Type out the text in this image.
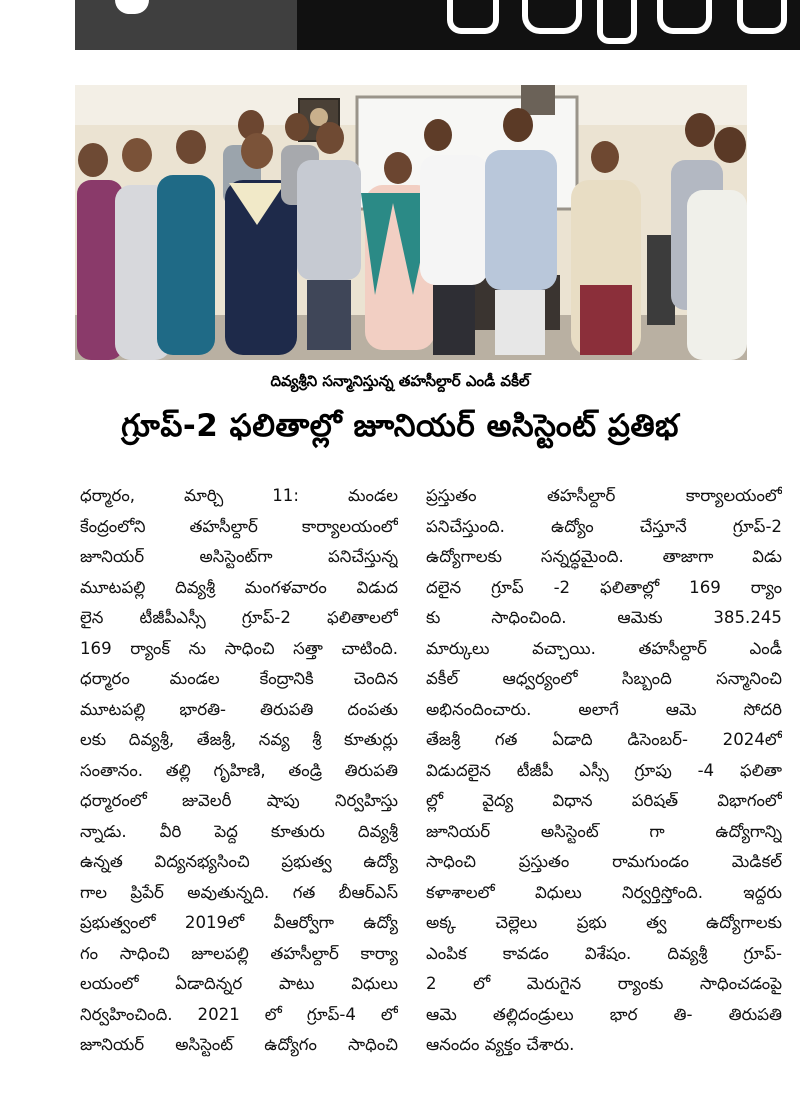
దివ్యశ్రీని సన్మానిస్తున్న తహసీల్దార్ ఎండీ వకీల్
గ్రూప్-2 ఫలితాల్లో జూనియర్ అసిస్టెంట్ ప్రతిభ
ధర్మారం, మార్చి 11: మండల
కేంద్రంలోని తహసీల్దార్ కార్యాలయంలో
జూనియర్ అసిస్టెంట్‌గా పనిచేస్తున్న
మూటపల్లి దివ్యశ్రీ మంగళవారం విడుద
లైన టీజీపీఎస్సీ గ్రూప్-2 ఫలితాలలో
169 ర్యాంక్ ను సాధించి సత్తా చాటింది.
ధర్మారం మండల కేంద్రానికి చెందిన
మూటపల్లి భారతి- తిరుపతి దంపతు
లకు దివ్యశ్రీ, తేజశ్రీ, నవ్య శ్రీ కూతుర్లు
సంతానం. తల్లి గృహిణి, తండ్రి తిరుపతి
ధర్మారంలో జువెలరీ షాపు నిర్వహిస్తు
న్నాడు. వీరి పెద్ద కూతురు దివ్యశ్రీ
ఉన్నత విద్యనభ్యసించి ప్రభుత్వ ఉద్యో
గాల ప్రిపేర్ అవుతున్నది. గత బీఆర్ఎస్
ప్రభుత్వంలో 2019లో వీఆర్వోగా ఉద్యో
గం సాధించి జూలపల్లి తహసీల్దార్ కార్యా
లయంలో ఏడాదిన్నర పాటు విధులు
నిర్వహించింది. 2021 లో గ్రూప్-4 లో
జూనియర్ అసిస్టెంట్ ఉద్యోగం సాధించి
ప్రస్తుతం తహసీల్దార్ కార్యాలయంలో
పనిచేస్తుంది. ఉద్యోం చేస్తూనే గ్రూప్-2
ఉద్యోగాలకు సన్నద్ధమైంది. తాజాగా విడు
దలైన గ్రూప్ -2 ఫలితాల్లో 169 ర్యాం
కు సాధించింది. ఆమెకు 385.245
మార్కులు వచ్చాయి. తహసీల్దార్ ఎండీ
వకీల్ ఆధ్వర్యంలో సిబ్బంది సన్మానించి
అభినందించారు. అలాగే ఆమె సోదరి
తేజశ్రీ గత ఏడాది డిసెంబర్- 2024లో
విడుదలైన టీజీపీ ఎస్సీ గ్రూపు -4 ఫలితా
ల్లో వైద్య విధాన పరిషత్ విభాగంలో
జూనియర్ అసిస్టెంట్ గా ఉద్యోగాన్ని
సాధించి ప్రస్తుతం రామగుండం మెడికల్
కళాశాలలో విధులు నిర్వర్తిస్తోంది. ఇద్దరు
అక్క చెల్లెలు ప్రభు త్వ ఉద్యోగాలకు
ఎంపిక కావడం విశేషం. దివ్యశ్రీ గ్రూప్-
2 లో మెరుగైన ర్యాంకు సాధించడంపై
ఆమె తల్లిదండ్రులు భార తి- తిరుపతి
ఆనందం వ్యక్తం చేశారు.
